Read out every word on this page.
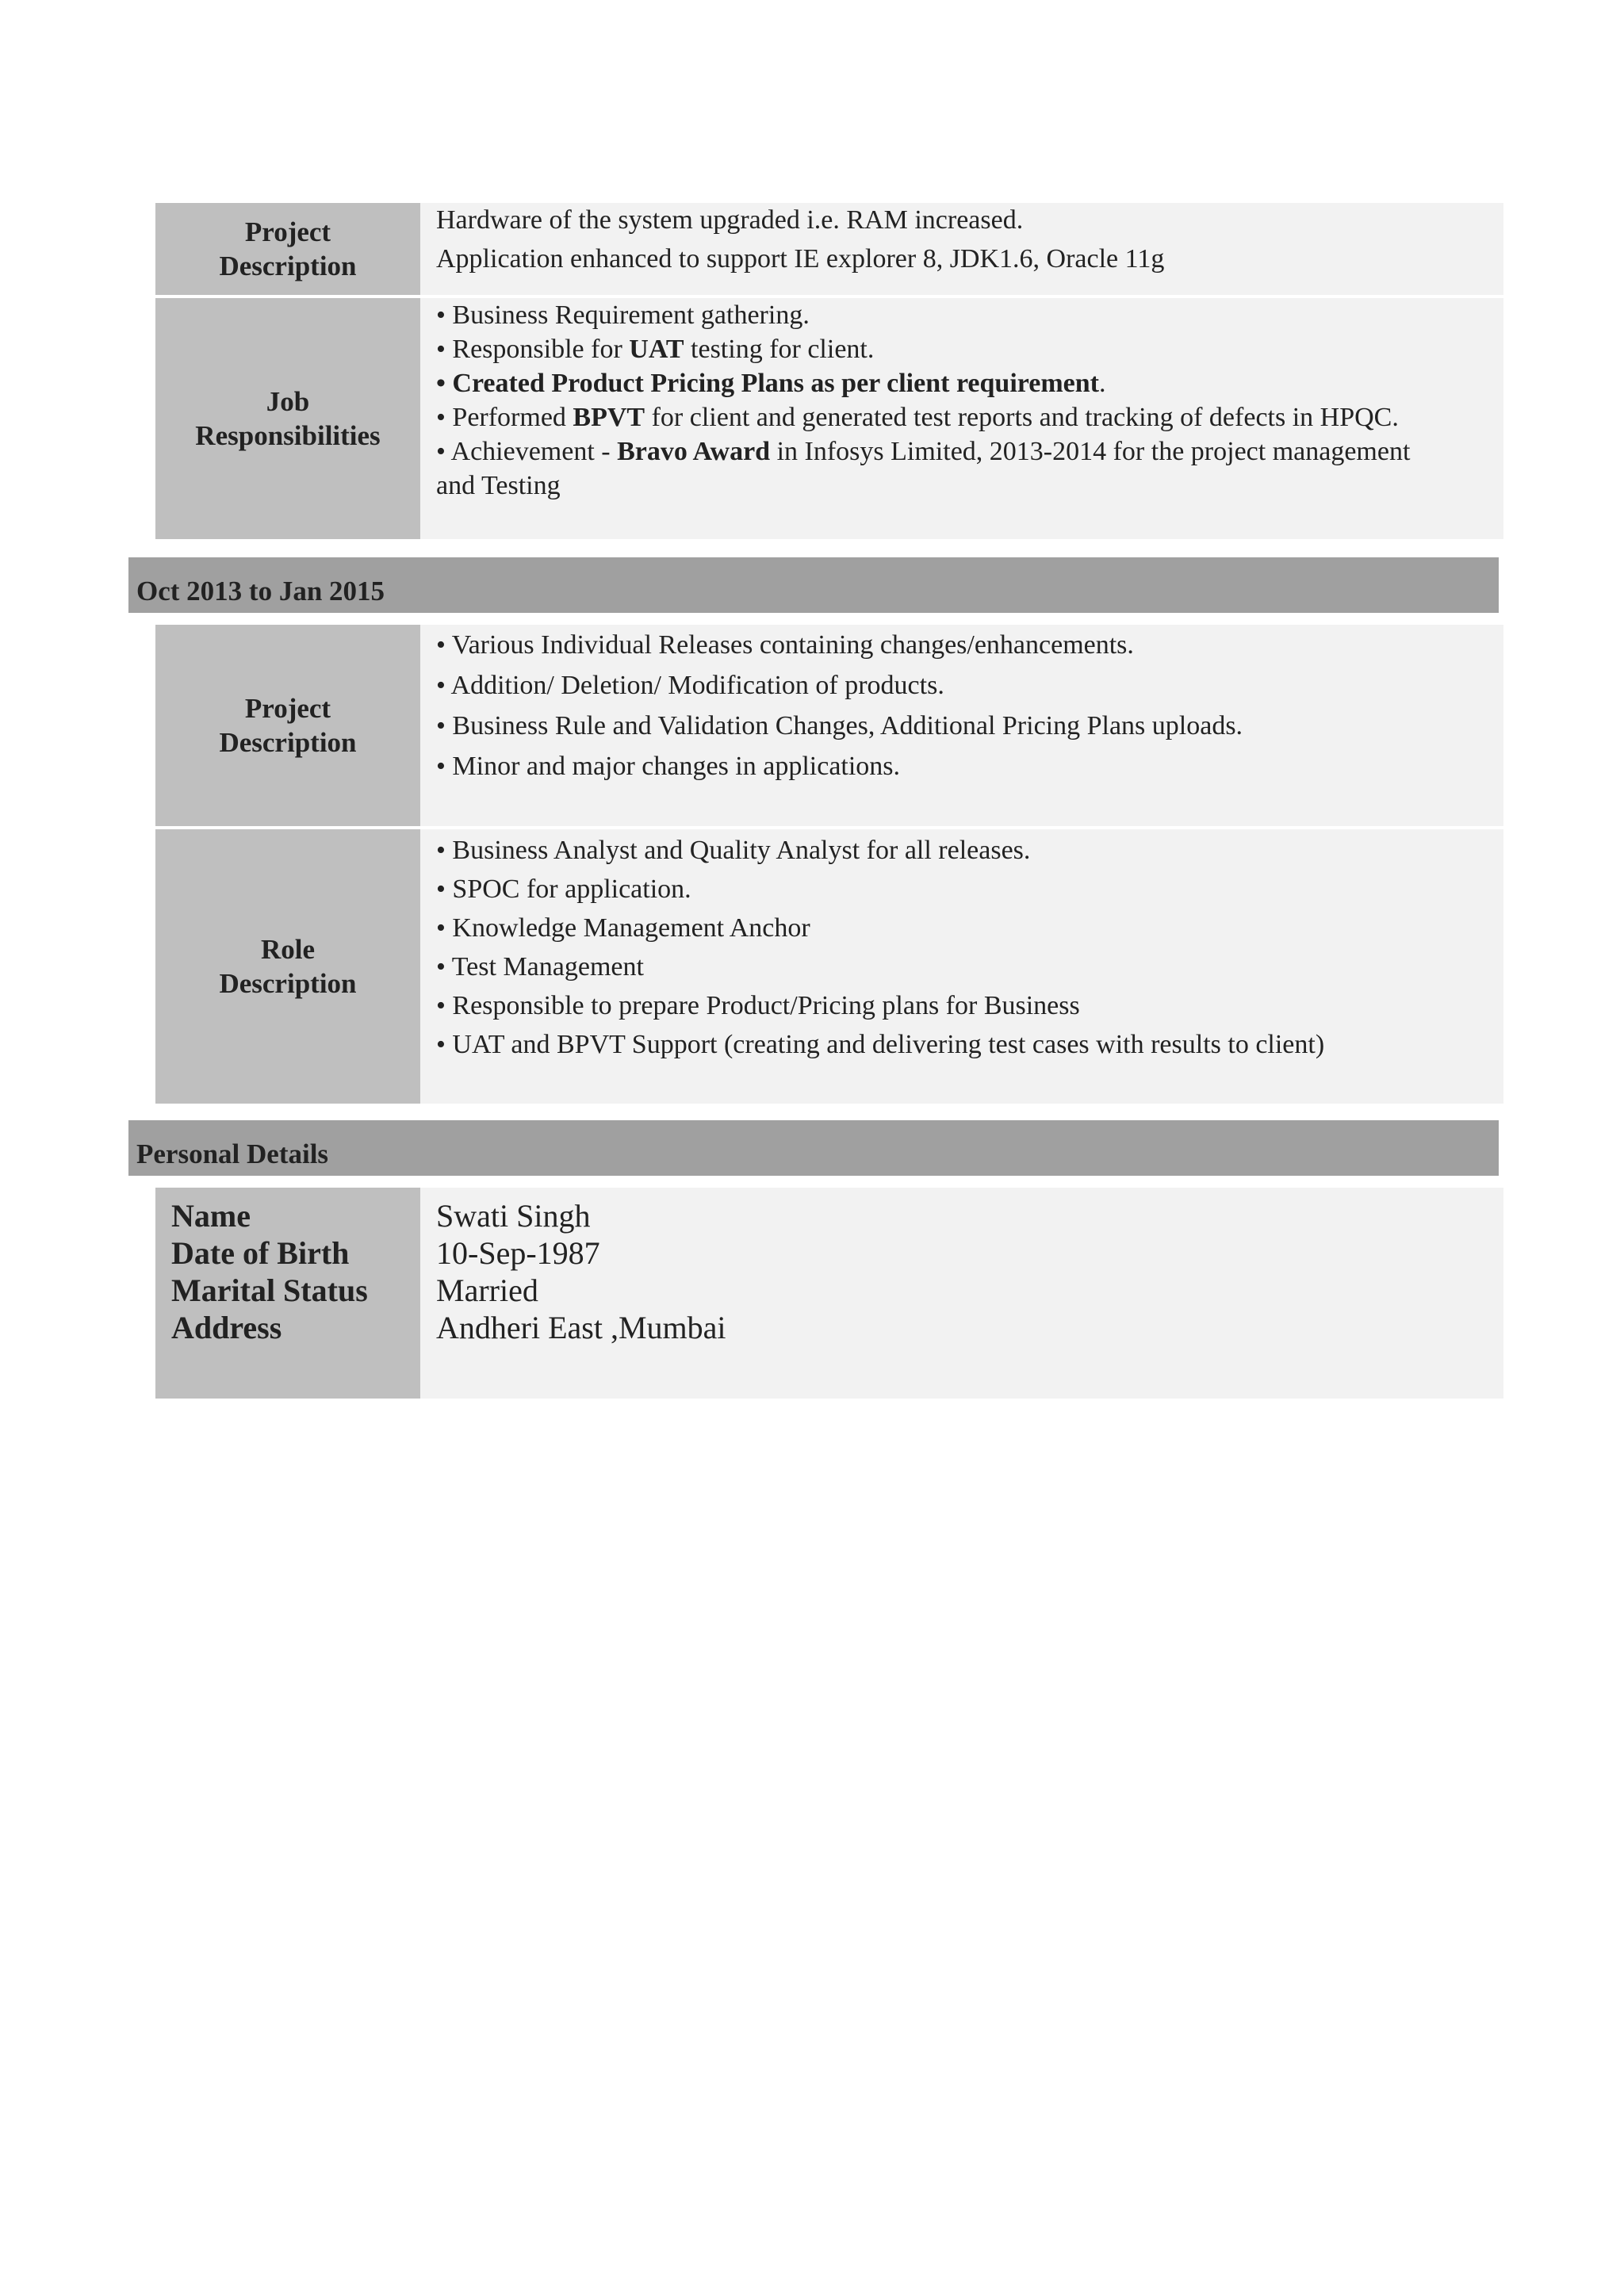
Project
Description

Hardware of the system upgraded i.e. RAM increased.

Application enhanced to support IE explorer 8, JDK1.6, Oracle 11g

Job
Responsibilities

• Business Requirement gathering.

• Responsible for UAT testing for client.

• Created Product Pricing Plans as per client requirement.

• Performed BPVT for client and generated test reports and tracking of defects in HPQC.

• Achievement - Bravo Award in Infosys Limited, 2013-2014 for the project management

and Testing

Oct 2013 to Jan 2015
Project
Description

• Various Individual Releases containing changes/enhancements.

• Addition/ Deletion/ Modification of products.

• Business Rule and Validation Changes, Additional Pricing Plans uploads.

• Minor and major changes in applications.

Role
Description

• Business Analyst and Quality Analyst for all releases.

• SPOC for application.

• Knowledge Management Anchor

• Test Management

• Responsible to prepare Product/Pricing plans for Business

• UAT and BPVT Support (creating and delivering test cases with results to client)

Personal Details
Name
Date of Birth
Marital Status
Address
Swati Singh
10-Sep-1987
Married
Andheri East ,Mumbai
